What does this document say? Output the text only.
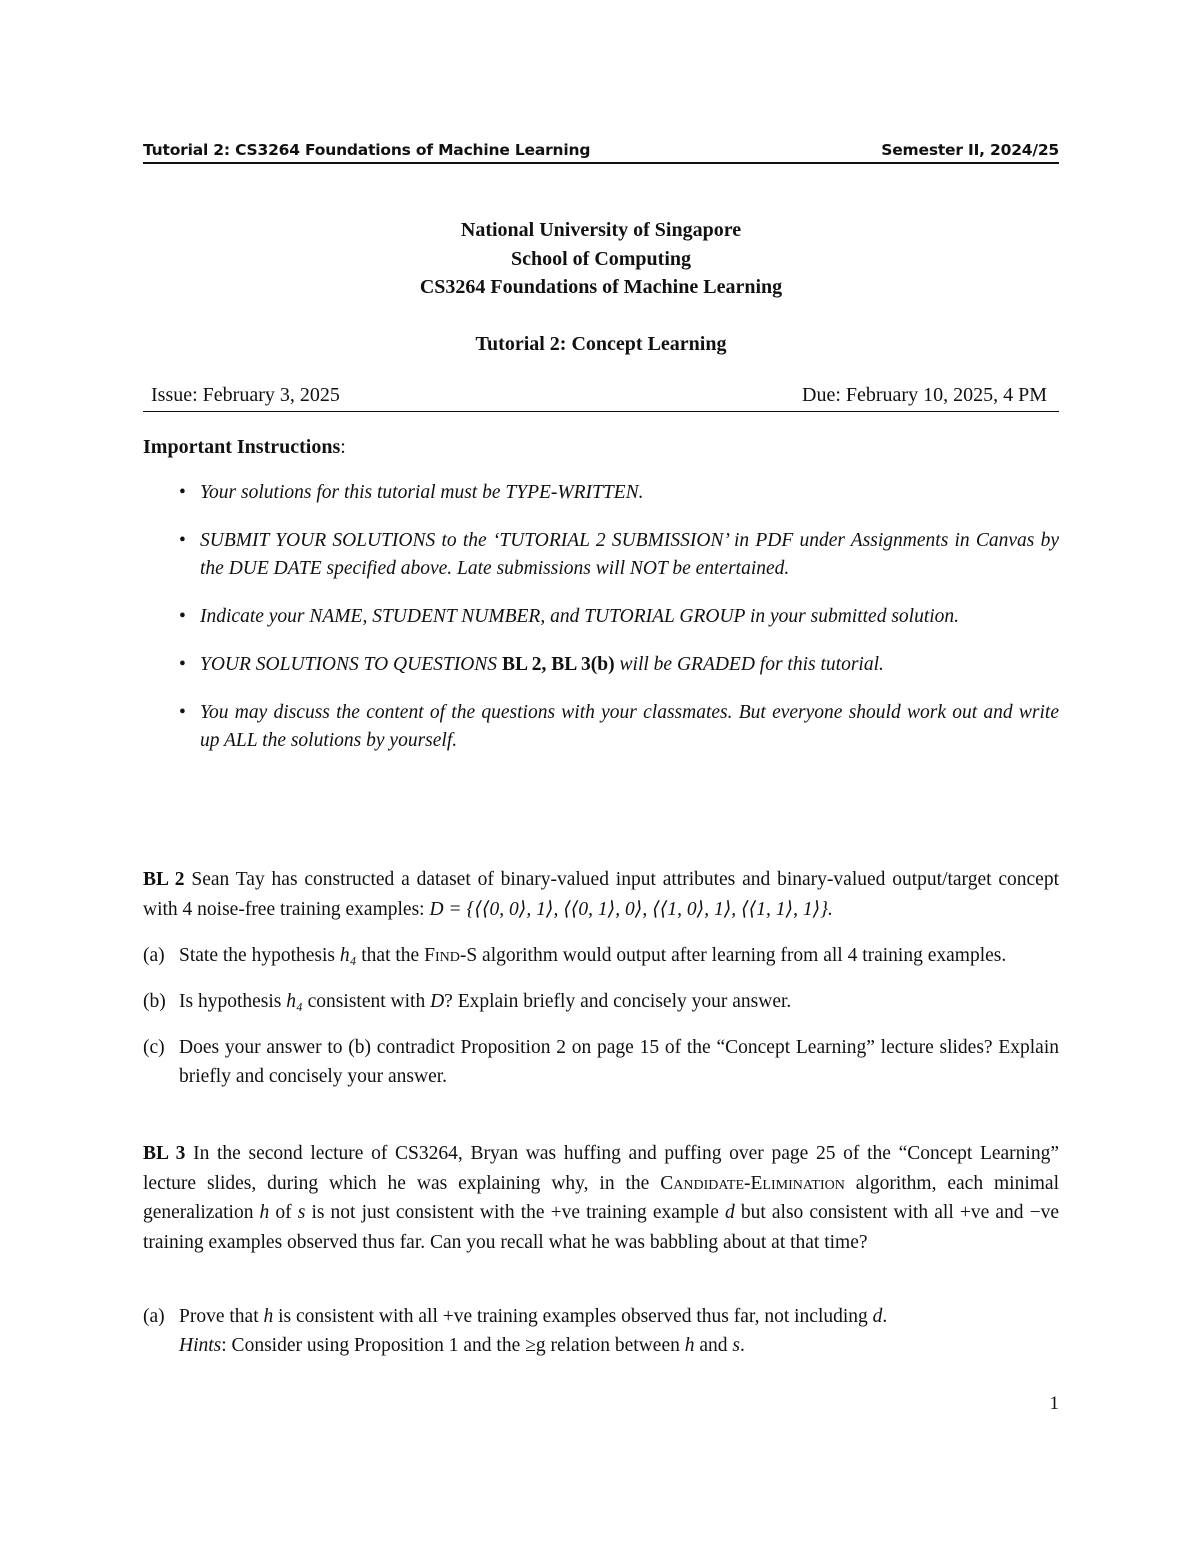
Tutorial 2: CS3264 Foundations of Machine Learning	Semester II, 2024/25
National University of Singapore
School of Computing
CS3264 Foundations of Machine Learning
Tutorial 2: Concept Learning
Issue: February 3, 2025	Due: February 10, 2025, 4 PM
Important Instructions:
• Your solutions for this tutorial must be TYPE-WRITTEN.
• SUBMIT YOUR SOLUTIONS to the ‘TUTORIAL 2 SUBMISSION’ in PDF under Assignments in Canvas by the DUE DATE specified above. Late submissions will NOT be entertained.
• Indicate your NAME, STUDENT NUMBER, and TUTORIAL GROUP in your submitted solution.
• YOUR SOLUTIONS TO QUESTIONS BL 2, BL 3(b) will be GRADED for this tutorial.
• You may discuss the content of the questions with your classmates. But everyone should work out and write up ALL the solutions by yourself.
BL 2 Sean Tay has constructed a dataset of binary-valued input attributes and binary-valued output/target concept with 4 noise-free training examples: D = {⟨⟨0, 0⟩, 1⟩, ⟨⟨0, 1⟩, 0⟩, ⟨⟨1, 0⟩, 1⟩, ⟨⟨1, 1⟩, 1⟩}.
(a) State the hypothesis h₄ that the Find-S algorithm would output after learning from all 4 training examples.
(b) Is hypothesis h₄ consistent with D? Explain briefly and concisely your answer.
(c) Does your answer to (b) contradict Proposition 2 on page 15 of the “Concept Learning” lecture slides? Explain briefly and concisely your answer.
BL 3 In the second lecture of CS3264, Bryan was huffing and puffing over page 25 of the “Concept Learning” lecture slides, during which he was explaining why, in the Candidate-Elimination algorithm, each minimal generalization h of s is not just consistent with the +ve training example d but also consistent with all +ve and −ve training examples observed thus far. Can you recall what he was babbling about at that time?
(a) Prove that h is consistent with all +ve training examples observed thus far, not including d.
Hints: Consider using Proposition 1 and the ≥g relation between h and s.
1
